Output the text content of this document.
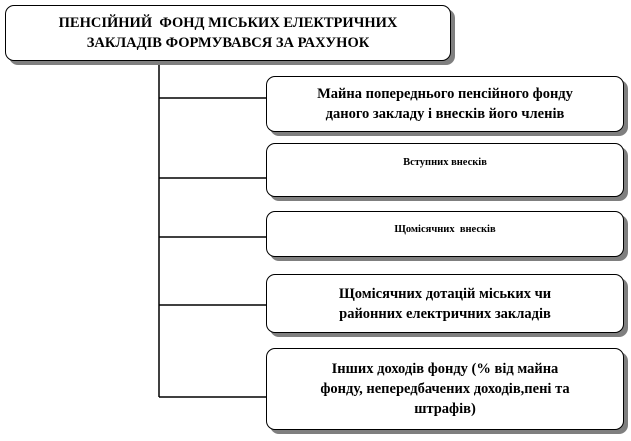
ПЕНСІЙНИЙ  ФОНД МІСЬКИХ ЕЛЕКТРИЧНИХ
ЗАКЛАДІВ ФОРМУВАВСЯ ЗА РАХУНОК
Майна попереднього пенсійного фонду
даного закладу і внесків його членів
Вступних внесків
Щомісячних  внесків
Щомісячних дотацій міських чи
районних електричних закладів
Інших доходів фонду (% від майна
фонду, непередбачених доходів,пені та
штрафів)
